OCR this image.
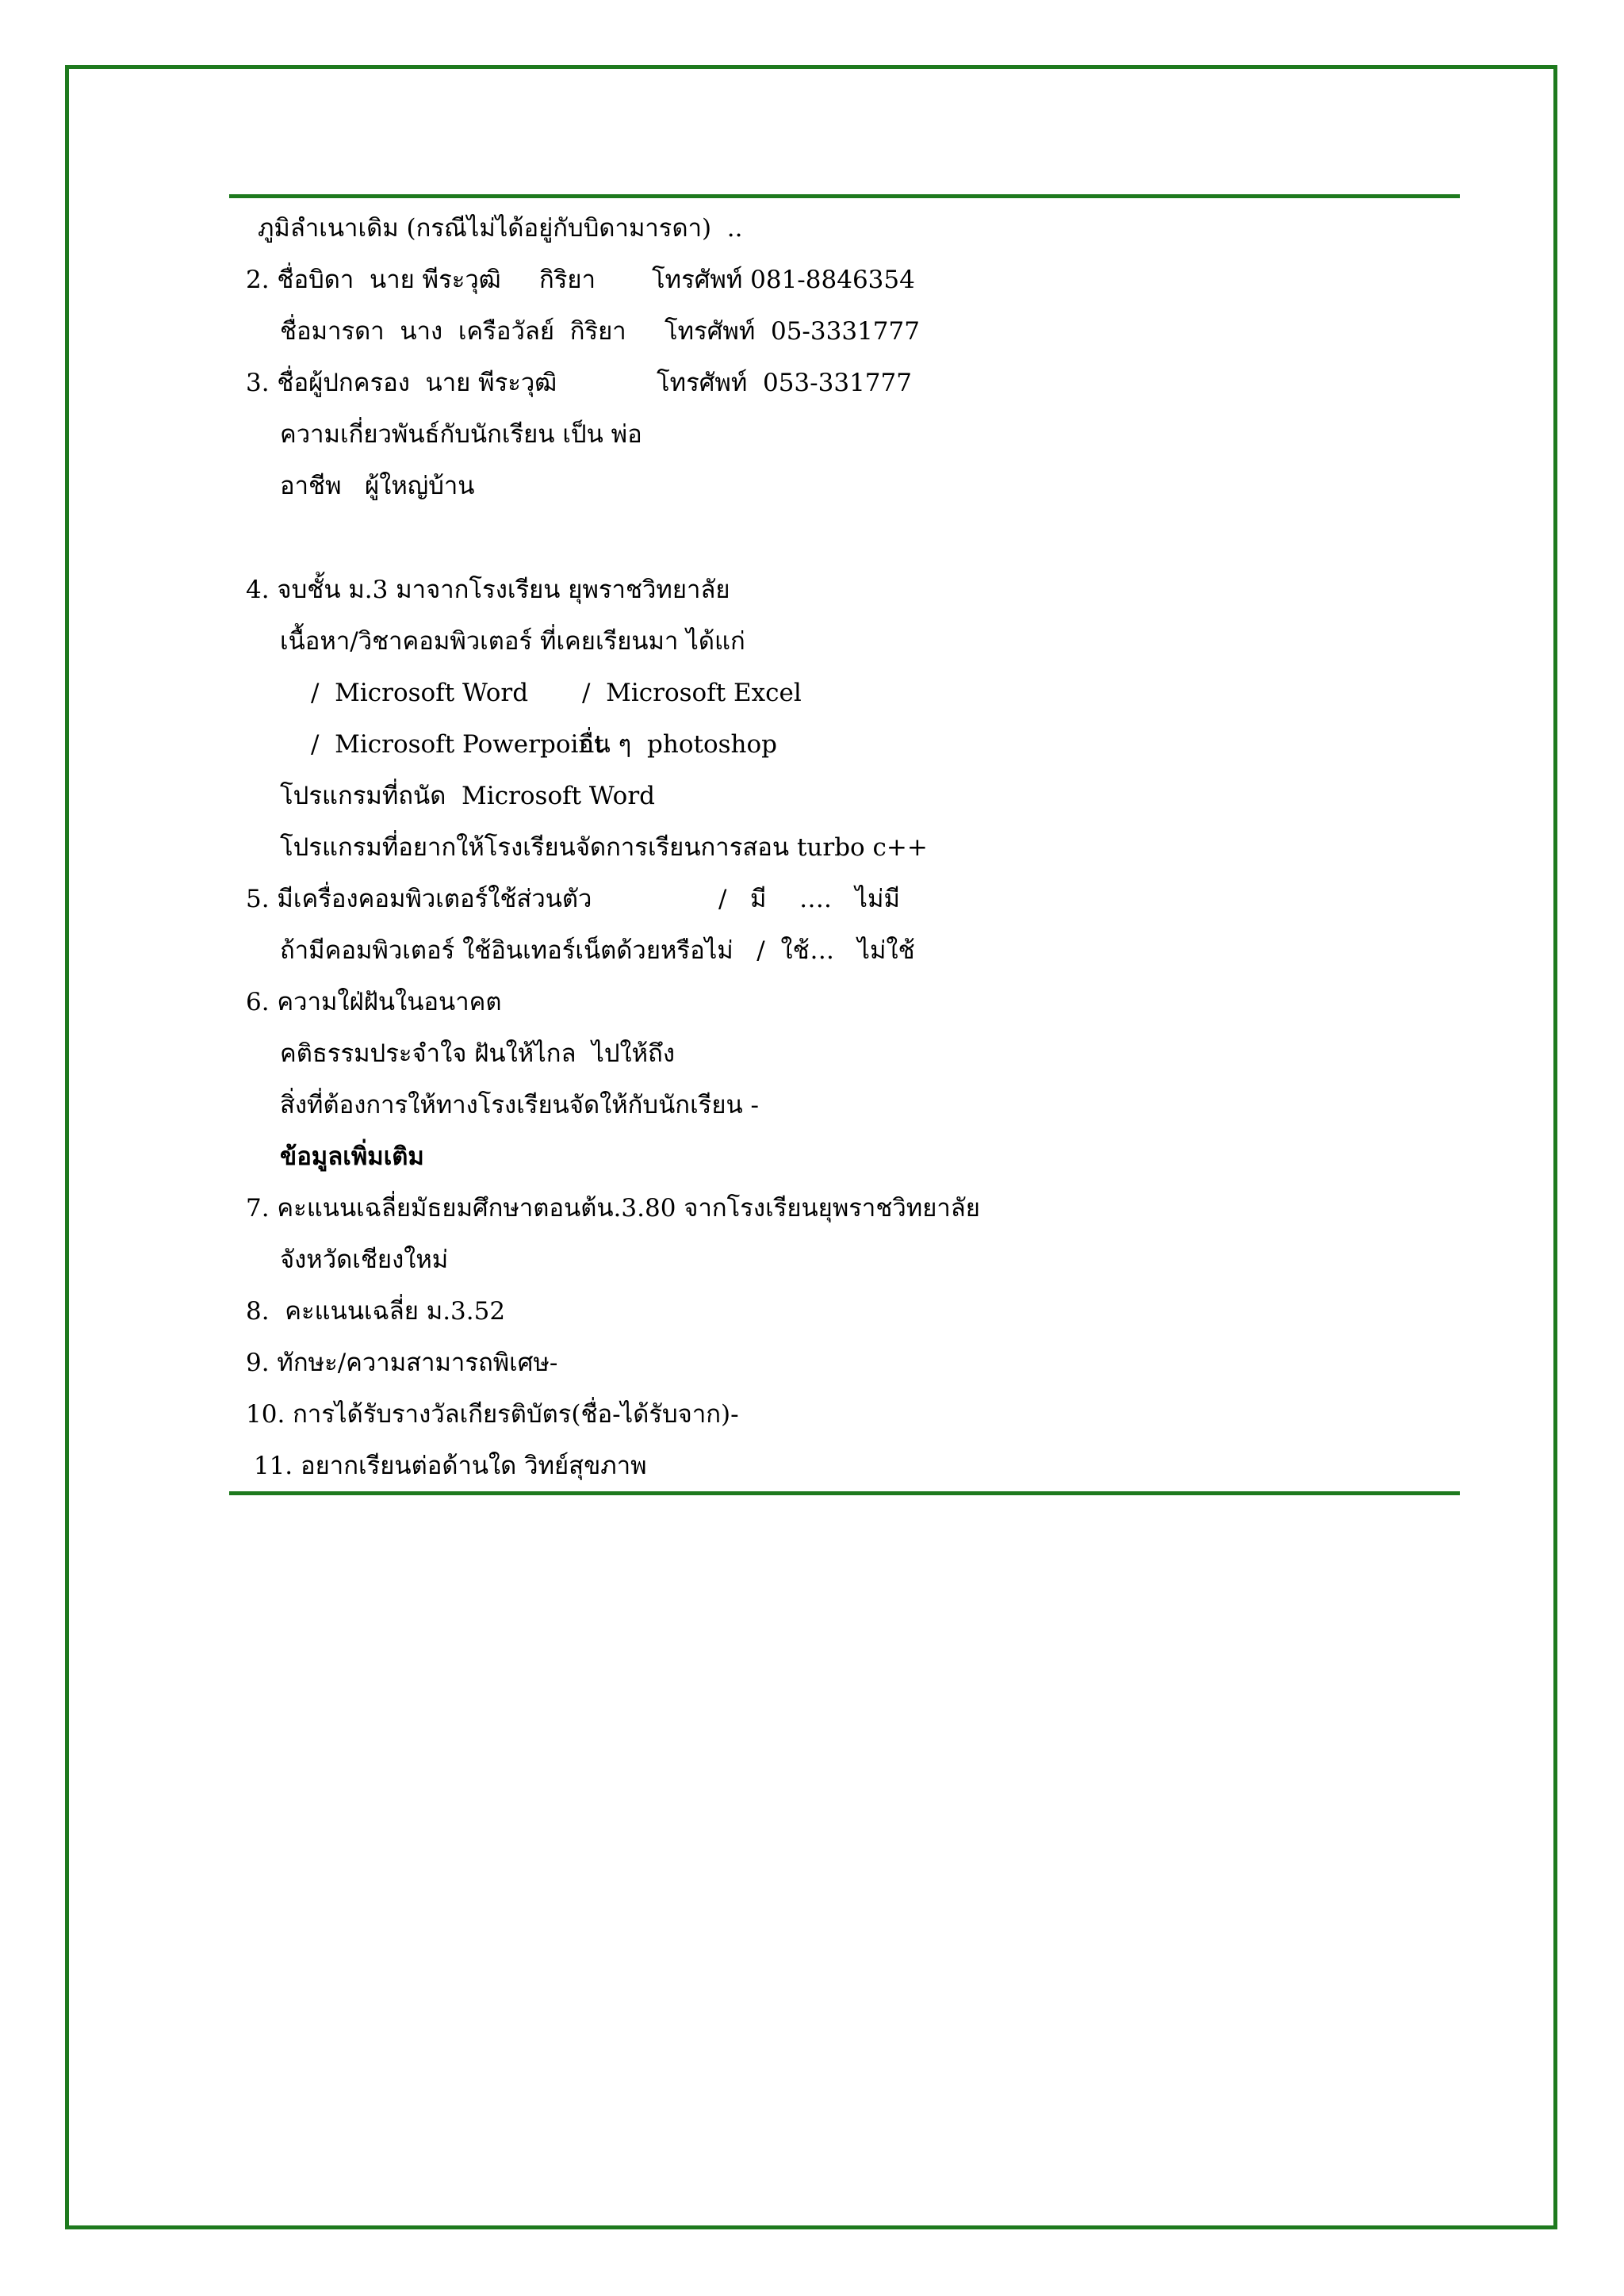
ภูมิลำเนาเดิม (กรณีไม่ได้อยู่กับบิดามารดา)  ..

2. ชื่อบิดา  นาย พีระวุฒิ

กิริยา

โทรศัพท์ 081-8846354

ชื่อมารดา  นาง  เครือวัลย์  กิริยา

โทรศัพท์  05-3331777

3. ชื่อผู้ปกครอง  นาย พีระวุฒิ

	โทรศัพท์  053-331777

ความเกี่ยวพันธ์กับนักเรียน เป็น พ่อ
อาชีพ   ผู้ใหญ่บ้าน
4. จบชั้น ม.3 มาจากโรงเรียน ยุพราชวิทยาลัย
เนื้อหา/วิชาคอมพิวเตอร์ ที่เคยเรียนมา ได้แก่

/  Microsoft Word

/  Microsoft Excel

/  Microsoft Powerpoint

อื่น ๆ  photoshop

โปรแกรมที่ถนัด  Microsoft Word
โปรแกรมที่อยากให้โรงเรียนจัดการเรียนการสอน turbo c++

5. มีเครื่องคอมพิวเตอร์ใช้ส่วนตัว

	/   มี

….   ไม่มี

ถ้ามีคอมพิวเตอร์ ใช้อินเทอร์เน็ตด้วยหรือไม่   /  ใช้

….   ไม่ใช้

6. ความใฝ่ฝันในอนาคต
คติธรรมประจำใจ ฝันให้ไกล  ไปให้ถึง
สิ่งที่ต้องการให้ทางโรงเรียนจัดให้กับนักเรียน -
ข้อมูลเพิ่มเติม
7. คะแนนเฉลี่ยมัธยมศึกษาตอนต้น.3.80 จากโรงเรียนยุพราชวิทยาลัย
จังหวัดเชียงใหม่
8.  คะแนนเฉลี่ย ม.3.52
9. ทักษะ/ความสามารถพิเศษ-
10. การได้รับรางวัลเกียรติบัตร(ชื่อ-ได้รับจาก)-
11. อยากเรียนต่อด้านใด วิทย์สุขภาพ
